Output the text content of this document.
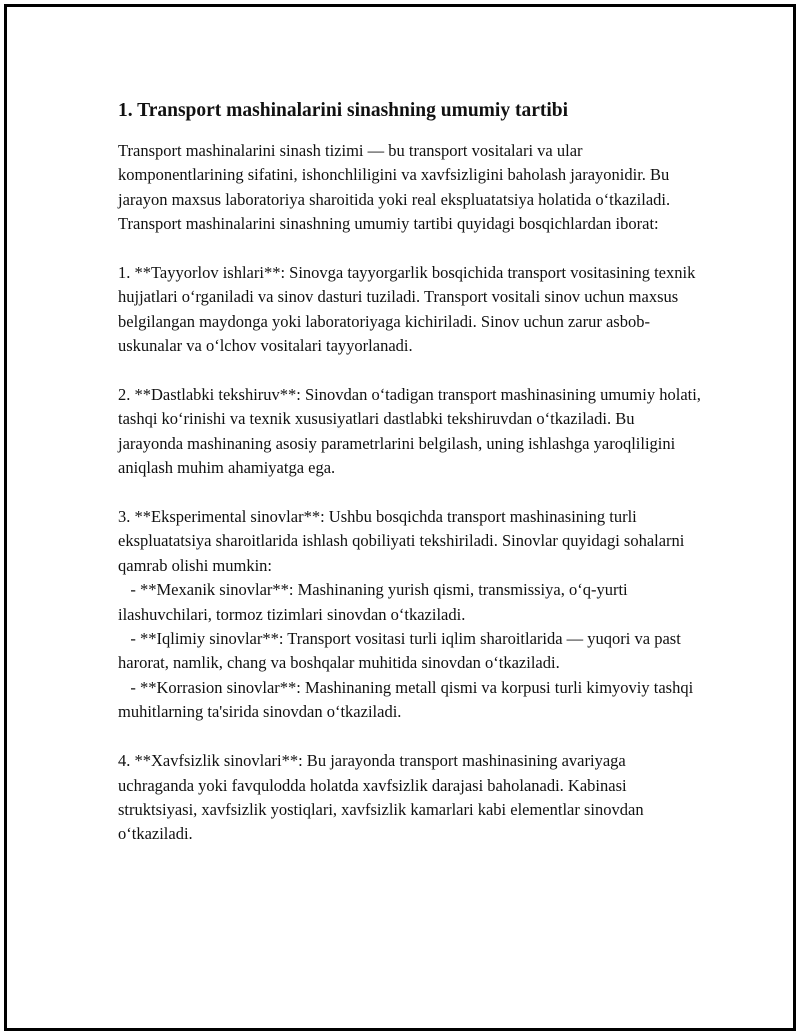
1. Transport mashinalarini sinashning umumiy tartibi

Transport mashinalarini sinash tizimi — bu transport vositalari va ular komponentlarining sifatini, ishonchliligini va xavfsizligini baholash jarayonidir. Bu jarayon maxsus laboratoriya sharoitida yoki real ekspluatatsiya holatida oʻtkaziladi. Transport mashinalarini sinashning umumiy tartibi quyidagi bosqichlardan iborat:

1. **Tayyorlov ishlari**: Sinovga tayyorgarlik bosqichida transport vositasining texnik hujjatlari oʻrganiladi va sinov dasturi tuziladi. Transport vositali sinov uchun maxsus belgilangan maydonga yoki laboratoriyaga kichiriladi. Sinov uchun zarur asbob-uskunalar va oʻlchov vositalari tayyorlanadi.

2. **Dastlabki tekshiruv**: Sinovdan oʻtadigan transport mashinasining umumiy holati, tashqi koʻrinishi va texnik xususiyatlari dastlabki tekshiruvdan oʻtkaziladi. Bu jarayonda mashinaning asosiy parametrlarini belgilash, uning ishlashga yaroqliligini aniqlash muhim ahamiyatga ega.

3. **Eksperimental sinovlar**: Ushbu bosqichda transport mashinasining turli ekspluatatsiya sharoitlarida ishlash qobiliyati tekshiriladi. Sinovlar quyidagi sohalarni qamrab olishi mumkin:

- **Mexanik sinovlar**: Mashinaning yurish qismi, transmissiya, oʻq-yurti ilashuvchilari, tormoz tizimlari sinovdan oʻtkaziladi.

- **Iqlimiy sinovlar**: Transport vositasi turli iqlim sharoitlarida — yuqori va past harorat, namlik, chang va boshqalar muhitida sinovdan oʻtkaziladi.

- **Korrasion sinovlar**: Mashinaning metall qismi va korpusi turli kimyoviy tashqi muhitlarning ta'sirida sinovdan oʻtkaziladi.

4. **Xavfsizlik sinovlari**: Bu jarayonda transport mashinasining avariyaga uchraganda yoki favqulodda holatda xavfsizlik darajasi baholanadi. Kabinasi struktsiyasi, xavfsizlik yostiqlari, xavfsizlik kamarlari kabi elementlar sinovdan oʻtkaziladi.
